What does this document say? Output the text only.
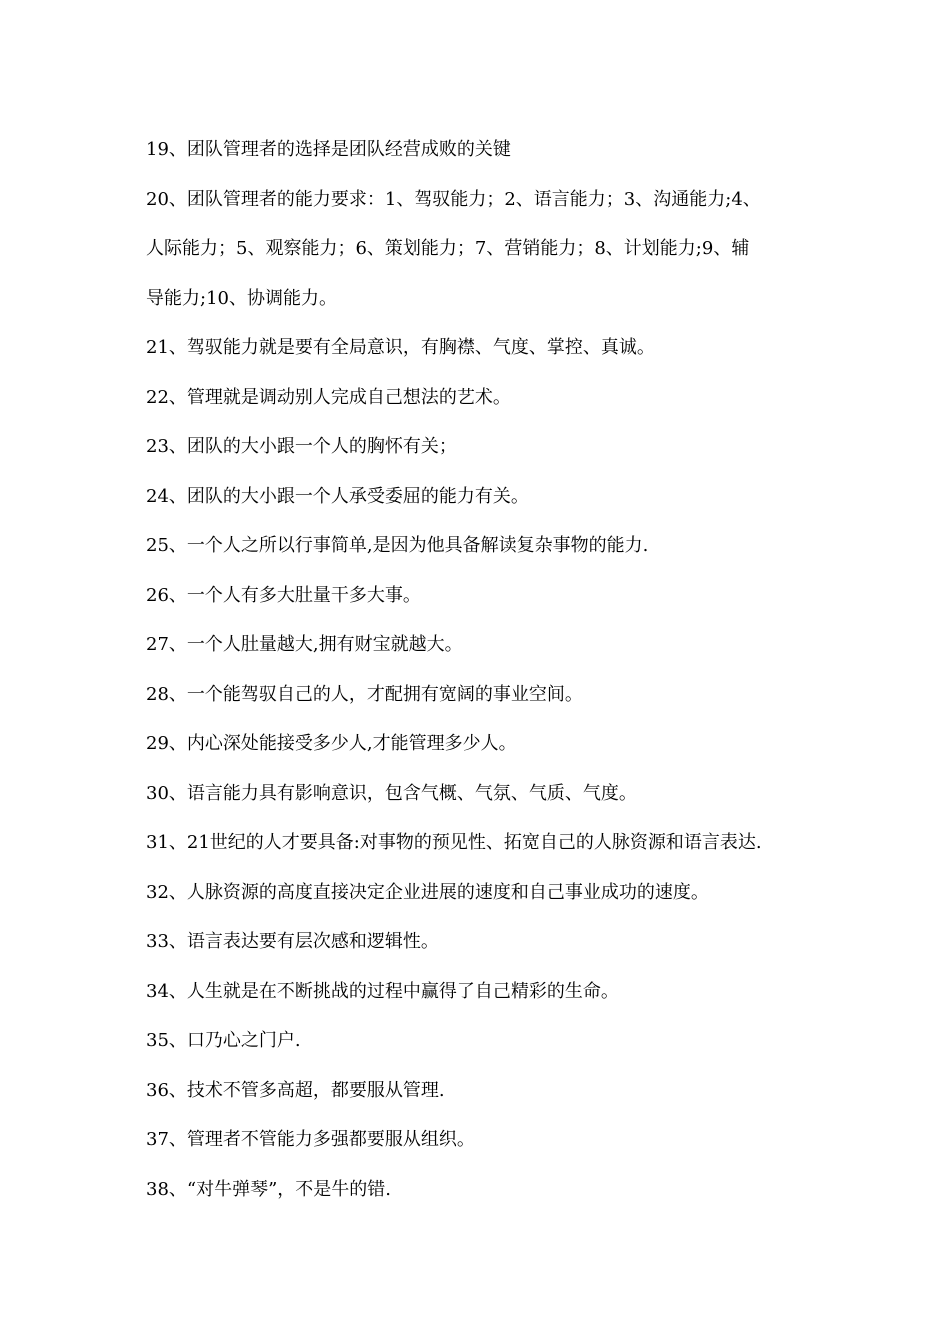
19、团队管理者的选择是团队经营成败的关键

20、团队管理者的能力要求：1、驾驭能力；2、语言能力；3、沟通能力;4、

人际能力；5、观察能力；6、策划能力；7、营销能力；8、计划能力;9、辅

导能力;10、协调能力。

21、驾驭能力就是要有全局意识，有胸襟、气度、掌控、真诚。

22、管理就是调动别人完成自己想法的艺术。

23、团队的大小跟一个人的胸怀有关；

24、团队的大小跟一个人承受委屈的能力有关。

25、一个人之所以行事简单,是因为他具备解读复杂事物的能力.

26、一个人有多大肚量干多大事。

27、一个人肚量越大,拥有财宝就越大。

28、一个能驾驭自己的人，才配拥有宽阔的事业空间。

29、内心深处能接受多少人,才能管理多少人。

30、语言能力具有影响意识，包含气概、气氛、气质、气度。

31、21世纪的人才要具备:对事物的预见性、拓宽自己的人脉资源和语言表达.

32、人脉资源的高度直接决定企业进展的速度和自己事业成功的速度。

33、语言表达要有层次感和逻辑性。

34、人生就是在不断挑战的过程中赢得了自己精彩的生命。

35、口乃心之门户.

36、技术不管多高超，都要服从管理.

37、管理者不管能力多强都要服从组织。

38、“对牛弹琴”，不是牛的错.
